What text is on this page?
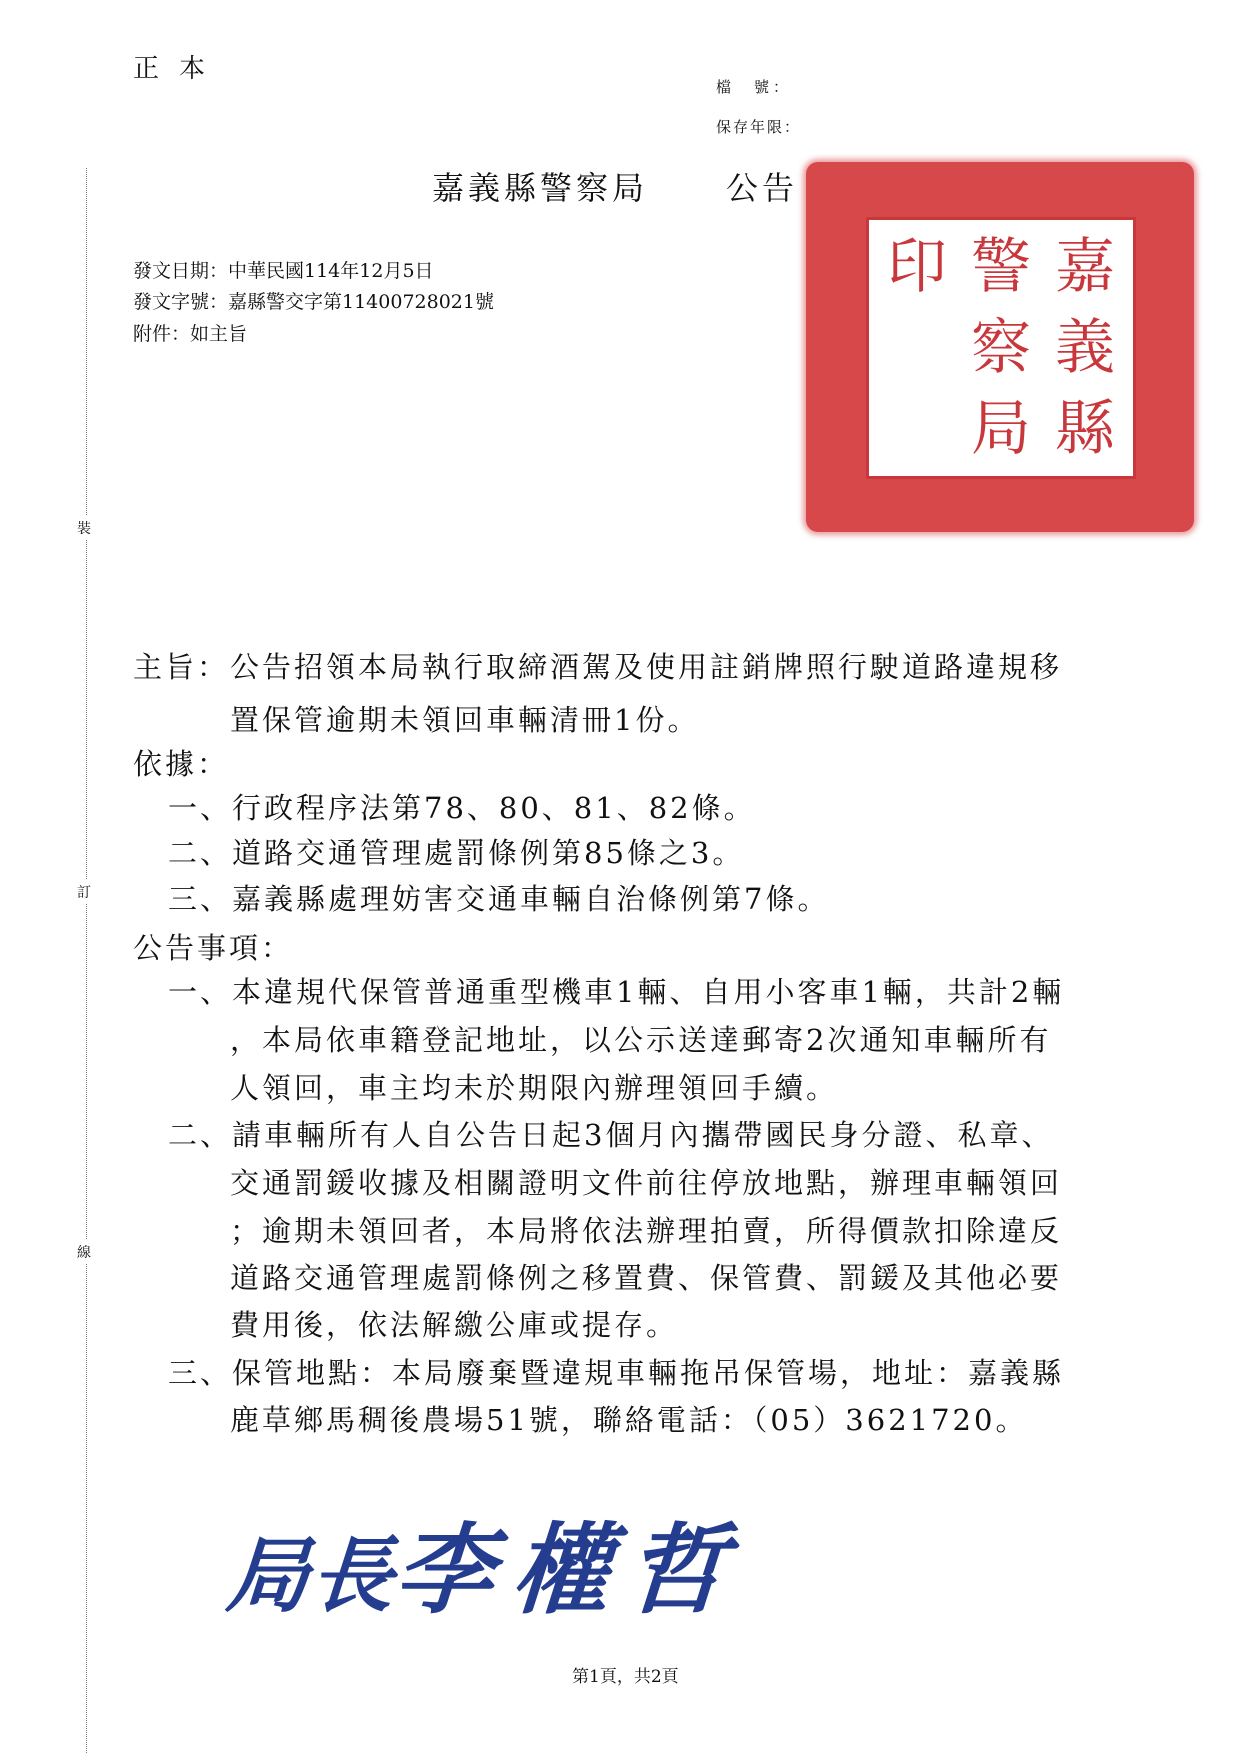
正本
檔　號：
保存年限：
嘉義縣警察局 公告
發文日期：中華民國114年12月5日
發文字號：嘉縣警交字第11400728021號
附件：如主旨
裝
訂
線
嘉
義
縣
警
察
局
印
主旨： 公告招領本局執行取締酒駕及使用註銷牌照行駛道路違規移
置保管逾期未領回車輛清冊1份。
依據：
一、行政程序法第78、80、81、82條。
二、道路交通管理處罰條例第85條之3。
三、嘉義縣處理妨害交通車輛自治條例第7條。
公告事項：
一、本違規代保管普通重型機車1輛、自用小客車1輛，共計2輛
，本局依車籍登記地址，以公示送達郵寄2次通知車輛所有
人領回，車主均未於期限內辦理領回手續。
二、請車輛所有人自公告日起3個月內攜帶國民身分證、私章、
交通罰鍰收據及相關證明文件前往停放地點，辦理車輛領回
；逾期未領回者，本局將依法辦理拍賣，所得價款扣除違反
道路交通管理處罰條例之移置費、保管費、罰鍰及其他必要
費用後，依法解繳公庫或提存。
三、保管地點：本局廢棄暨違規車輛拖吊保管場，地址：嘉義縣
鹿草鄉馬稠後農場51號，聯絡電話：（05）3621720。
局長李權哲
第1頁，共2頁
